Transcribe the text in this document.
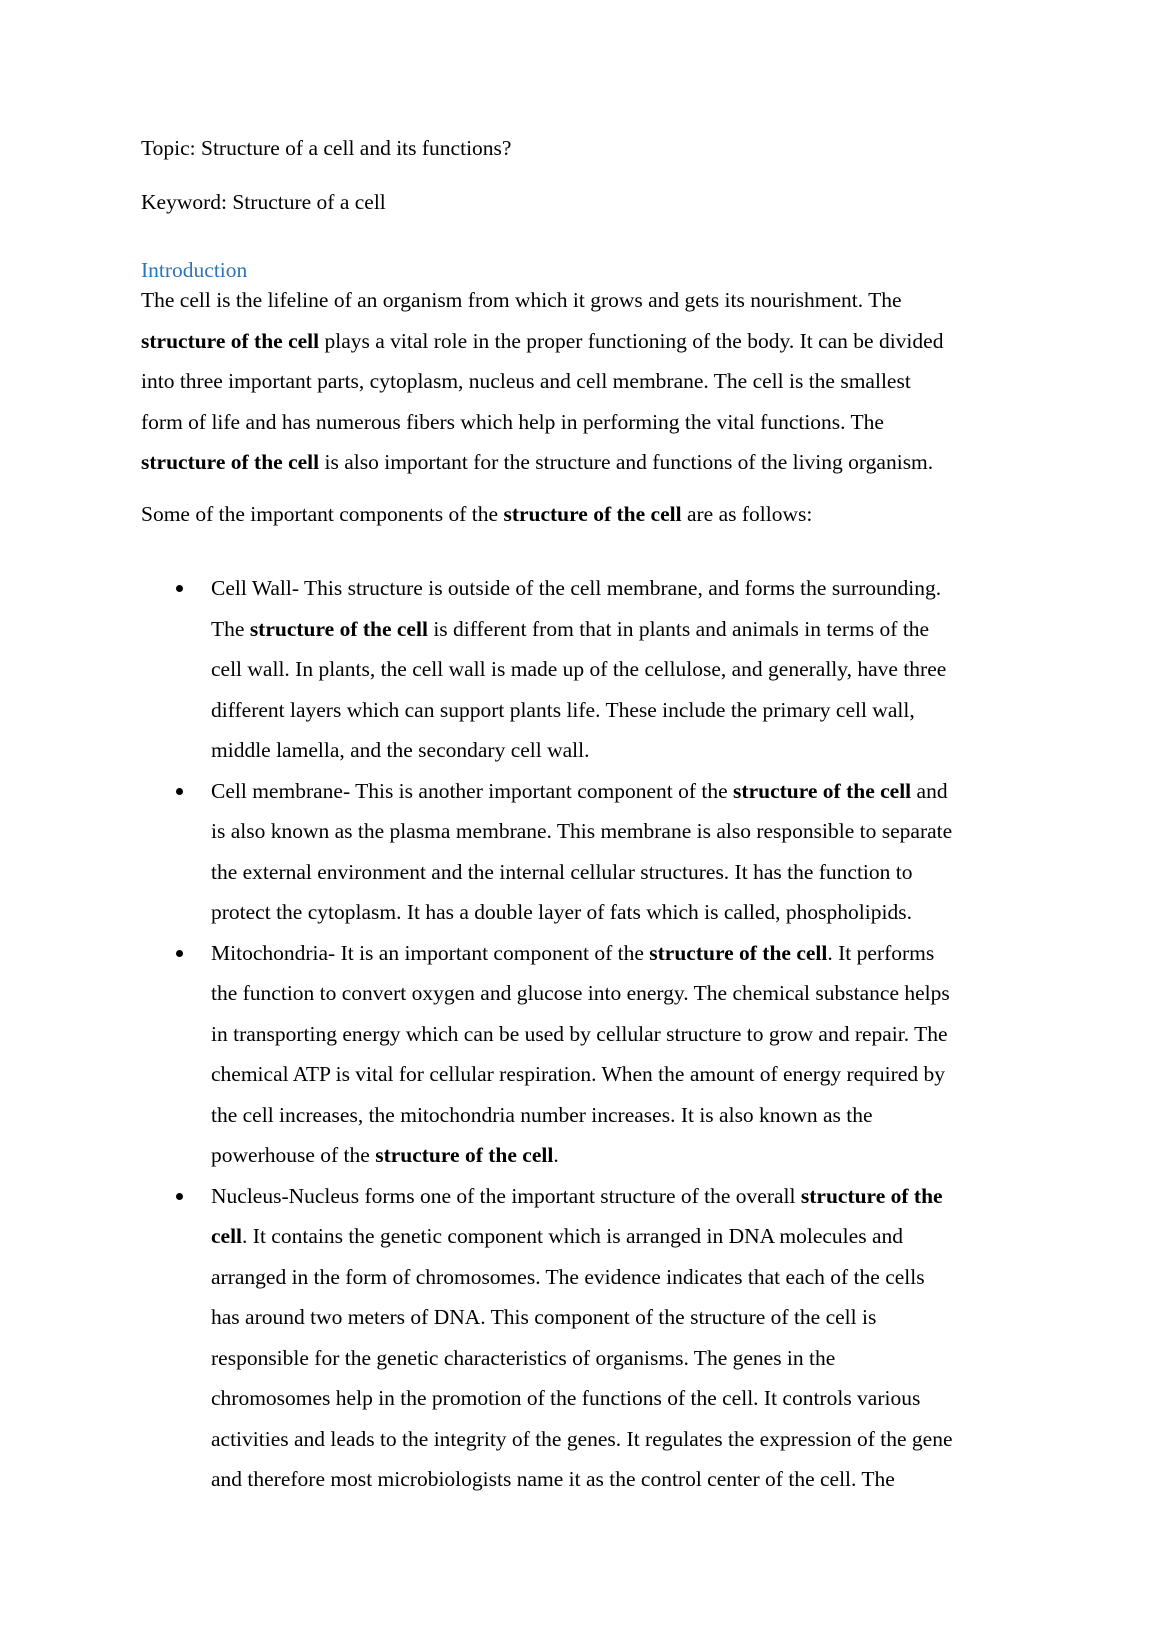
Topic: Structure of a cell and its functions?
Keyword: Structure of a cell
Introduction
The cell is the lifeline of an organism from which it grows and gets its nourishment. The
structure of the cell plays a vital role in the proper functioning of the body. It can be divided
into three important parts, cytoplasm, nucleus and cell membrane. The cell is the smallest
form of life and has numerous fibers which help in performing the vital functions. The
structure of the cell is also important for the structure and functions of the living organism.
Some of the important components of the structure of the cell are as follows:
Cell Wall- This structure is outside of the cell membrane, and forms the surrounding.
The structure of the cell is different from that in plants and animals in terms of the
cell wall. In plants, the cell wall is made up of the cellulose, and generally, have three
different layers which can support plants life. These include the primary cell wall,
middle lamella, and the secondary cell wall.
Cell membrane- This is another important component of the structure of the cell and
is also known as the plasma membrane. This membrane is also responsible to separate
the external environment and the internal cellular structures. It has the function to
protect the cytoplasm. It has a double layer of fats which is called, phospholipids.
Mitochondria- It is an important component of the structure of the cell. It performs
the function to convert oxygen and glucose into energy. The chemical substance helps
in transporting energy which can be used by cellular structure to grow and repair. The
chemical ATP is vital for cellular respiration. When the amount of energy required by
the cell increases, the mitochondria number increases. It is also known as the
powerhouse of the structure of the cell.
Nucleus-Nucleus forms one of the important structure of the overall structure of the
cell. It contains the genetic component which is arranged in DNA molecules and
arranged in the form of chromosomes. The evidence indicates that each of the cells
has around two meters of DNA. This component of the structure of the cell is
responsible for the genetic characteristics of organisms. The genes in the
chromosomes help in the promotion of the functions of the cell. It controls various
activities and leads to the integrity of the genes. It regulates the expression of the gene
and therefore most microbiologists name it as the control center of the cell. The
